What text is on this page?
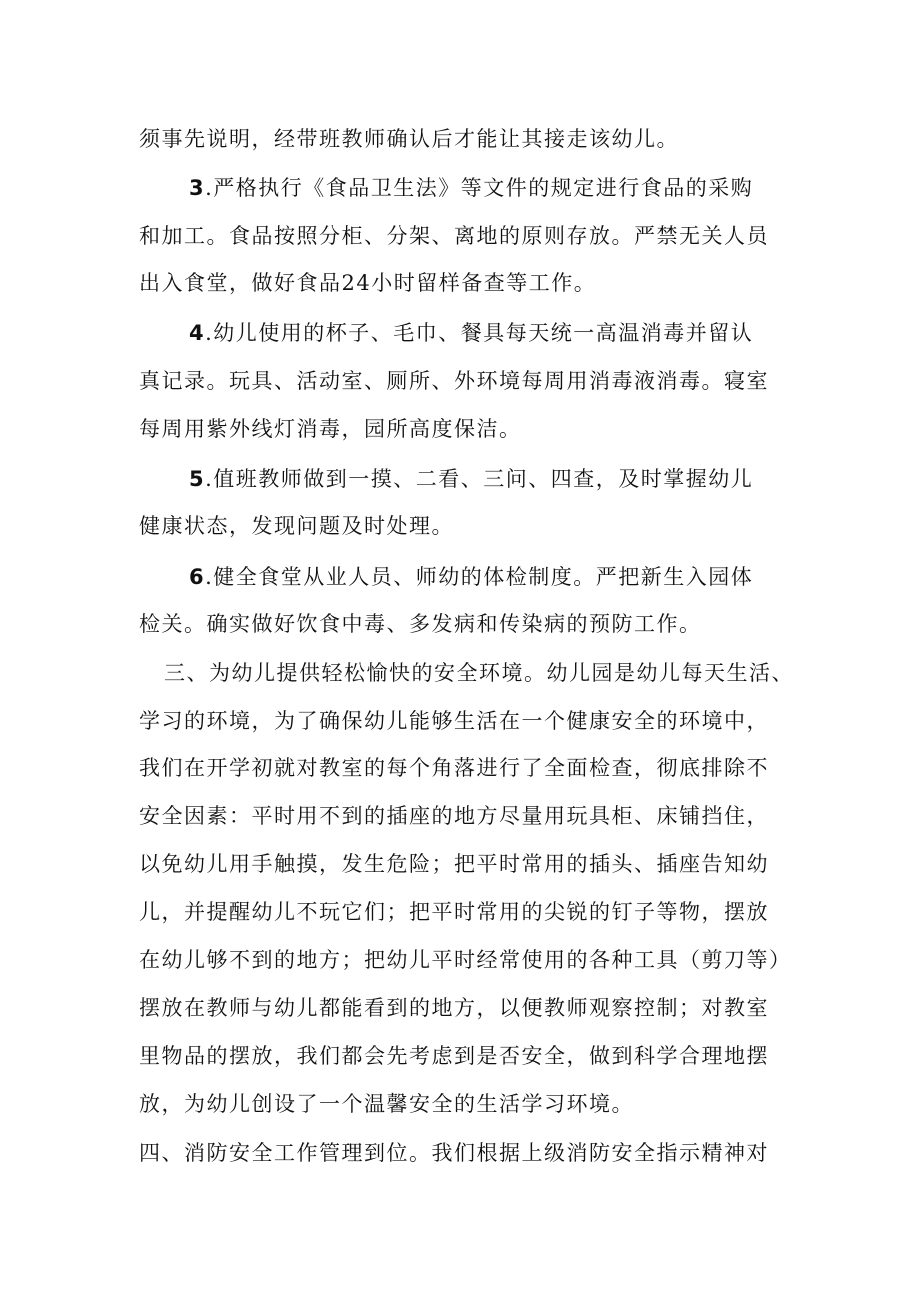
须事先说明，经带班教师确认后才能让其接走该幼儿。
3.严格执行《食品卫生法》等文件的规定进行食品的采购
和加工。食品按照分柜、分架、离地的原则存放。严禁无关人员
出入食堂，做好食品24小时留样备查等工作。
4.幼儿使用的杯子、毛巾、餐具每天统一高温消毒并留认
真记录。玩具、活动室、厕所、外环境每周用消毒液消毒。寝室
每周用紫外线灯消毒，园所高度保洁。
5.值班教师做到一摸、二看、三问、四查，及时掌握幼儿
健康状态，发现问题及时处理。
6.健全食堂从业人员、师幼的体检制度。严把新生入园体
检关。确实做好饮食中毒、多发病和传染病的预防工作。
三、为幼儿提供轻松愉快的安全环境。幼儿园是幼儿每天生活、
学习的环境，为了确保幼儿能够生活在一个健康安全的环境中，
我们在开学初就对教室的每个角落进行了全面检查，彻底排除不
安全因素：平时用不到的插座的地方尽量用玩具柜、床铺挡住，
以免幼儿用手触摸，发生危险；把平时常用的插头、插座告知幼
儿，并提醒幼儿不玩它们；把平时常用的尖锐的钉子等物，摆放
在幼儿够不到的地方；把幼儿平时经常使用的各种工具（剪刀等）
摆放在教师与幼儿都能看到的地方，以便教师观察控制；对教室
里物品的摆放，我们都会先考虑到是否安全，做到科学合理地摆
放，为幼儿创设了一个温馨安全的生活学习环境。
四、消防安全工作管理到位。我们根据上级消防安全指示精神对
